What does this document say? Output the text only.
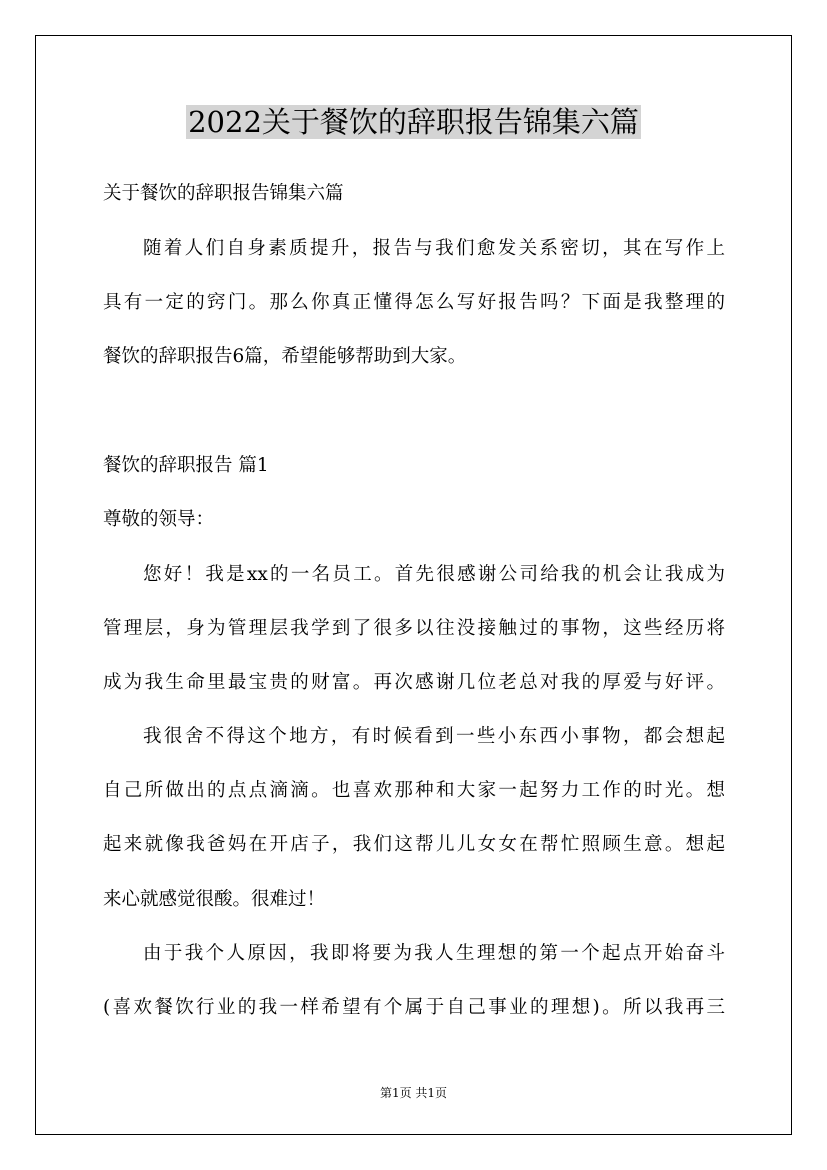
2022关于餐饮的辞职报告锦集六篇

关于餐饮的辞职报告锦集六篇

随着人们自身素质提升，报告与我们愈发关系密切，其在写作上

具有一定的窍门。那么你真正懂得怎么写好报告吗？下面是我整理的

餐饮的辞职报告6篇，希望能够帮助到大家。

餐饮的辞职报告 篇1

尊敬的领导：

您好！我是xx的一名员工。首先很感谢公司给我的机会让我成为

管理层，身为管理层我学到了很多以往没接触过的事物，这些经历将

成为我生命里最宝贵的财富。再次感谢几位老总对我的厚爱与好评。

我很舍不得这个地方，有时候看到一些小东西小事物，都会想起

自己所做出的点点滴滴。也喜欢那种和大家一起努力工作的时光。想

起来就像我爸妈在开店子，我们这帮儿儿女女在帮忙照顾生意。想起

来心就感觉很酸。很难过！

由于我个人原因，我即将要为我人生理想的第一个起点开始奋斗

(喜欢餐饮行业的我一样希望有个属于自己事业的理想)。所以我再三

第1页 共1页
